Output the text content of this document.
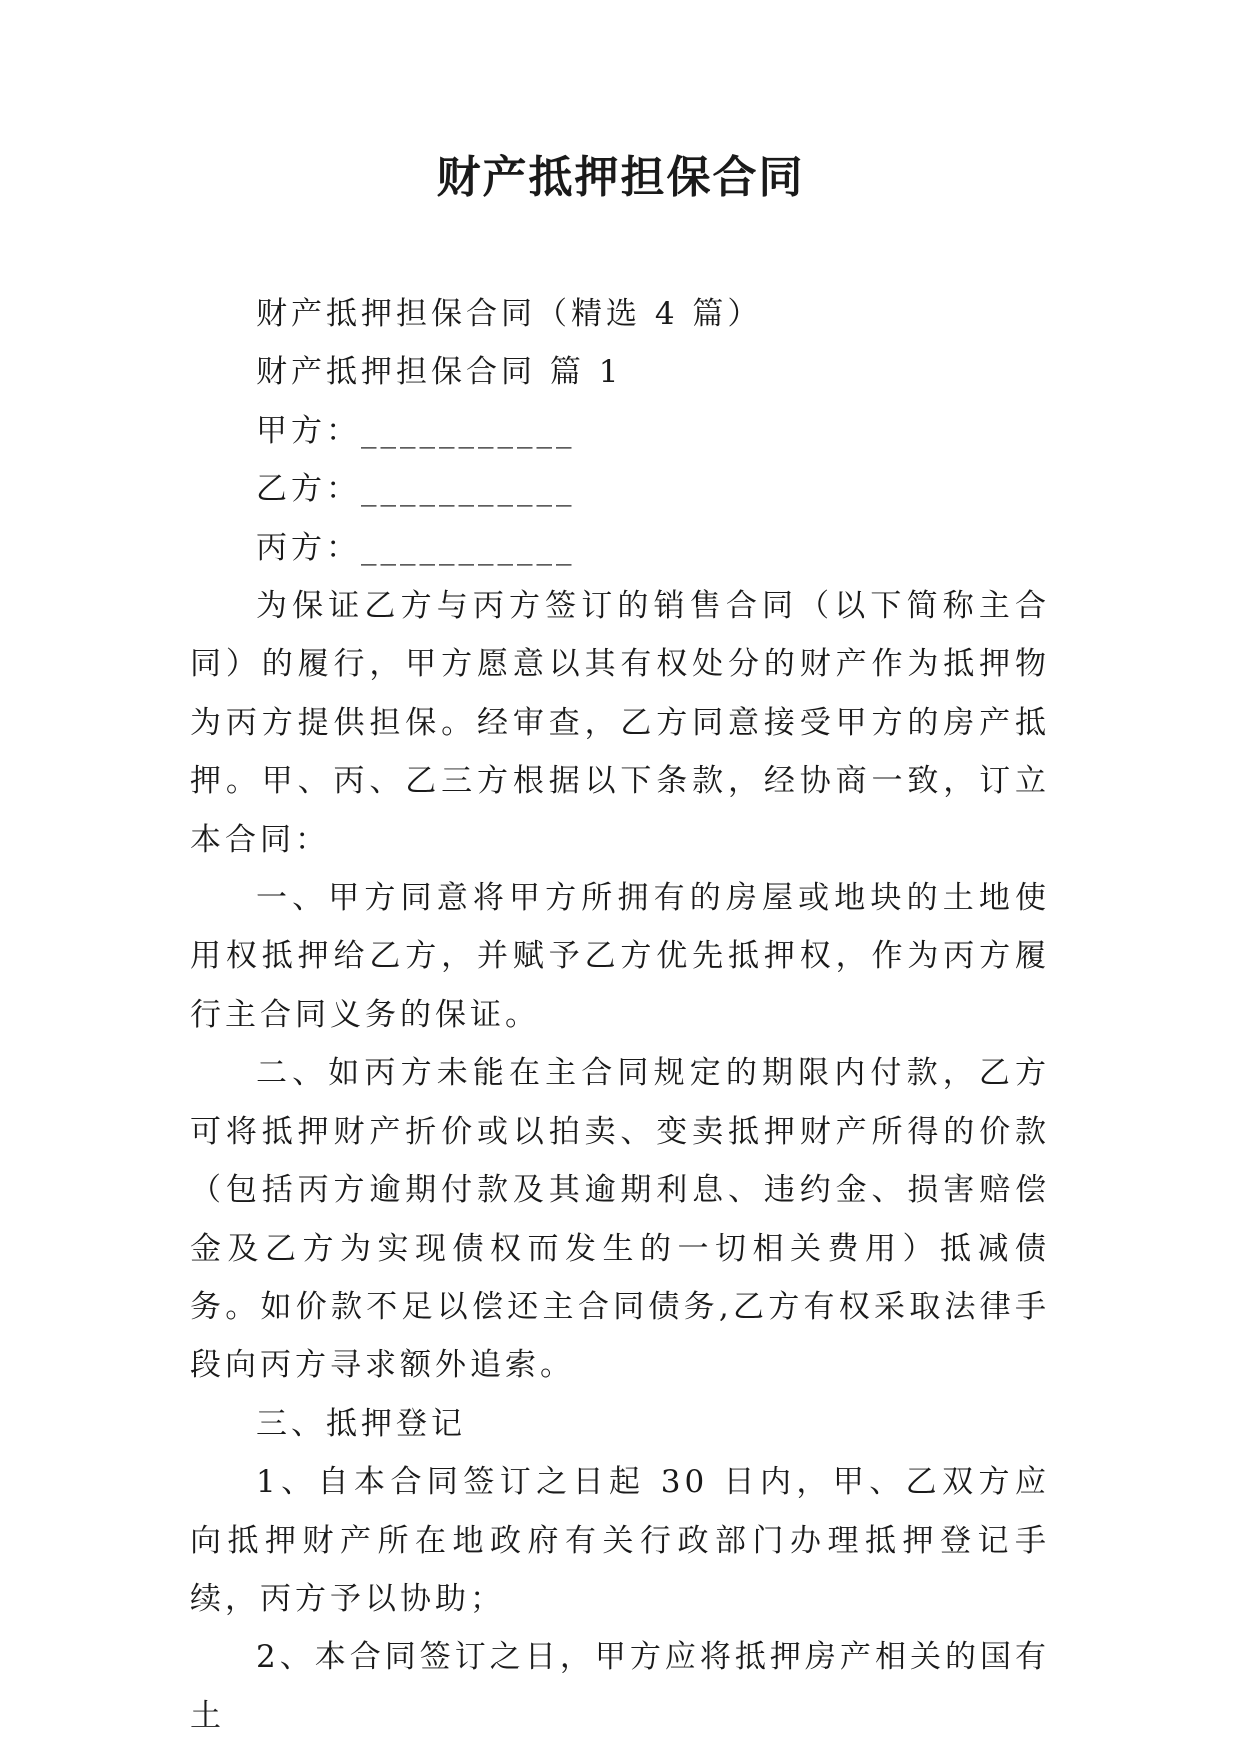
财产抵押担保合同

财产抵押担保合同（精选 4 篇）

财产抵押担保合同 篇 1

甲方：___________

乙方：___________

丙方：___________

为保证乙方与丙方签订的销售合同（以下简称主合同）的履行，甲方愿意以其有权处分的财产作为抵押物为丙方提供担保。经审查，乙方同意接受甲方的房产抵押。甲、丙、乙三方根据以下条款，经协商一致，订立本合同：

一、甲方同意将甲方所拥有的房屋或地块的土地使用权抵押给乙方，并赋予乙方优先抵押权，作为丙方履行主合同义务的保证。

二、如丙方未能在主合同规定的期限内付款，乙方可将抵押财产折价或以拍卖、变卖抵押财产所得的价款（包括丙方逾期付款及其逾期利息、违约金、损害赔偿金及乙方为实现债权而发生的一切相关费用）抵减债务。如价款不足以偿还主合同债务,乙方有权采取法律手段向丙方寻求额外追索。

三、抵押登记

1、自本合同签订之日起 30 日内，甲、乙双方应向抵押财产所在地政府有关行政部门办理抵押登记手续，丙方予以协助；

2、本合同签订之日，甲方应将抵押房产相关的国有土
